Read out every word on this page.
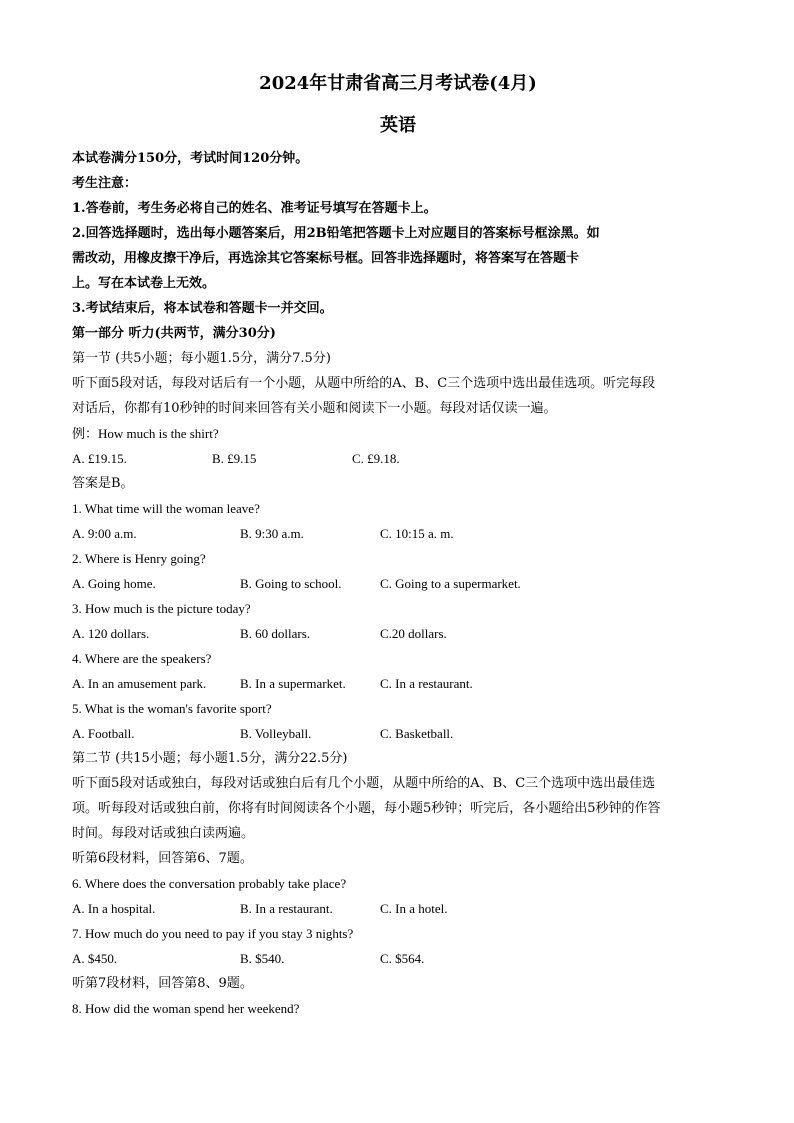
2024年甘肃省高三月考试卷(4月)

英语

本试卷满分150分，考试时间120分钟。

考生注意：

1.答卷前，考生务必将自己的姓名、准考证号填写在答题卡上。

2.回答选择题时，选出每小题答案后，用2B铅笔把答题卡上对应题目的答案标号框涂黑。如

需改动，用橡皮擦干净后，再选涂其它答案标号框。回答非选择题时，将答案写在答题卡

上。写在本试卷上无效。

3.考试结束后，将本试卷和答题卡一并交回。

第一部分 听力(共两节，满分30分)

第一节 (共5小题；每小题1.5分，满分7.5分)

听下面5段对话，每段对话后有一个小题，从题中所给的A、B、C三个选项中选出最佳选项。听完每段

对话后，你都有10秒钟的时间来回答有关小题和阅读下一小题。每段对话仅读一遍。

例：How much is the shirt?

A. £19.15.	B. £9.15	C. £9.18.

答案是B。

1. What time will the woman leave?

A. 9:00 a.m.	B. 9:30 a.m.	C. 10:15 a. m.

2. Where is Henry going?

A. Going home.	B. Going to school.	C. Going to a supermarket.

3. How much is the picture today?

A. 120 dollars.	B. 60 dollars.	C.20 dollars.

4. Where are the speakers?

A. In an amusement park.	B. In a supermarket.	C. In a restaurant.

5. What is the woman's favorite sport?

A. Football.	B. Volleyball.	C. Basketball.

第二节 (共15小题；每小题1.5分，满分22.5分)

听下面5段对话或独白，每段对话或独白后有几个小题，从题中所给的A、B、C三个选项中选出最佳选

项。听每段对话或独白前，你将有时间阅读各个小题，每小题5秒钟；听完后，各小题给出5秒钟的作答

时间。每段对话或独白读两遍。

听第6段材料，回答第6、7题。

6. Where does the conversation probably take place?

A. In a hospital.	B. In a restaurant.	C. In a hotel.

7. How much do you need to pay if you stay 3 nights?

A. $450.	B. $540.	C. $564.

听第7段材料，回答第8、9题。

8. How did the woman spend her weekend?
